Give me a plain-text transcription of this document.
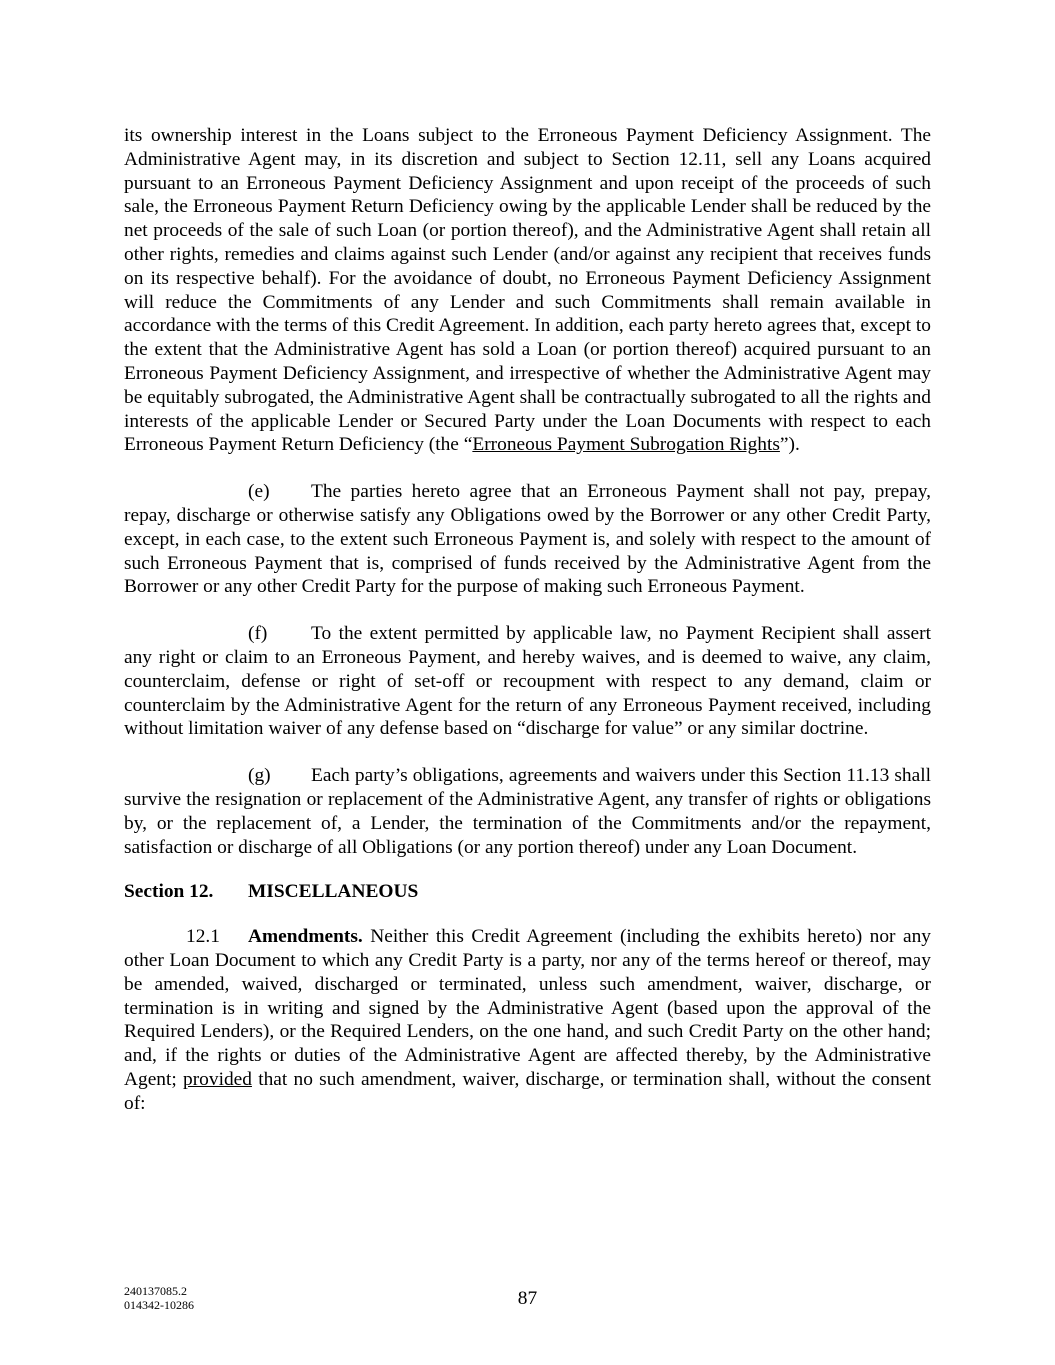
its ownership interest in the Loans subject to the Erroneous Payment Deficiency Assignment. The Administrative Agent may, in its discretion and subject to Section 12.11, sell any Loans acquired pursuant to an Erroneous Payment Deficiency Assignment and upon receipt of the proceeds of such sale, the Erroneous Payment Return Deficiency owing by the applicable Lender shall be reduced by the net proceeds of the sale of such Loan (or portion thereof), and the Administrative Agent shall retain all other rights, remedies and claims against such Lender (and/or against any recipient that receives funds on its respective behalf). For the avoidance of doubt, no Erroneous Payment Deficiency Assignment will reduce the Commitments of any Lender and such Commitments shall remain available in accordance with the terms of this Credit Agreement. In addition, each party hereto agrees that, except to the extent that the Administrative Agent has sold a Loan (or portion thereof) acquired pursuant to an Erroneous Payment Deficiency Assignment, and irrespective of whether the Administrative Agent may be equitably subrogated, the Administrative Agent shall be contractually subrogated to all the rights and interests of the applicable Lender or Secured Party under the Loan Documents with respect to each Erroneous Payment Return Deficiency (the “Erroneous Payment Subrogation Rights”).

(e) The parties hereto agree that an Erroneous Payment shall not pay, prepay, repay, discharge or otherwise satisfy any Obligations owed by the Borrower or any other Credit Party, except, in each case, to the extent such Erroneous Payment is, and solely with respect to the amount of such Erroneous Payment that is, comprised of funds received by the Administrative Agent from the Borrower or any other Credit Party for the purpose of making such Erroneous Payment.

(f) To the extent permitted by applicable law, no Payment Recipient shall assert any right or claim to an Erroneous Payment, and hereby waives, and is deemed to waive, any claim, counterclaim, defense or right of set-off or recoupment with respect to any demand, claim or counterclaim by the Administrative Agent for the return of any Erroneous Payment received, including without limitation waiver of any defense based on “discharge for value” or any similar doctrine.

(g) Each party’s obligations, agreements and waivers under this Section 11.13 shall survive the resignation or replacement of the Administrative Agent, any transfer of rights or obligations by, or the replacement of, a Lender, the termination of the Commitments and/or the repayment, satisfaction or discharge of all Obligations (or any portion thereof) under any Loan Document.

Section 12. MISCELLANEOUS

12.1 Amendments. Neither this Credit Agreement (including the exhibits hereto) nor any other Loan Document to which any Credit Party is a party, nor any of the terms hereof or thereof, may be amended, waived, discharged or terminated, unless such amendment, waiver, discharge, or termination is in writing and signed by the Administrative Agent (based upon the approval of the Required Lenders), or the Required Lenders, on the one hand, and such Credit Party on the other hand; and, if the rights or duties of the Administrative Agent are affected thereby, by the Administrative Agent; provided that no such amendment, waiver, discharge, or termination shall, without the consent of:

240137085.2
014342-10286	87
